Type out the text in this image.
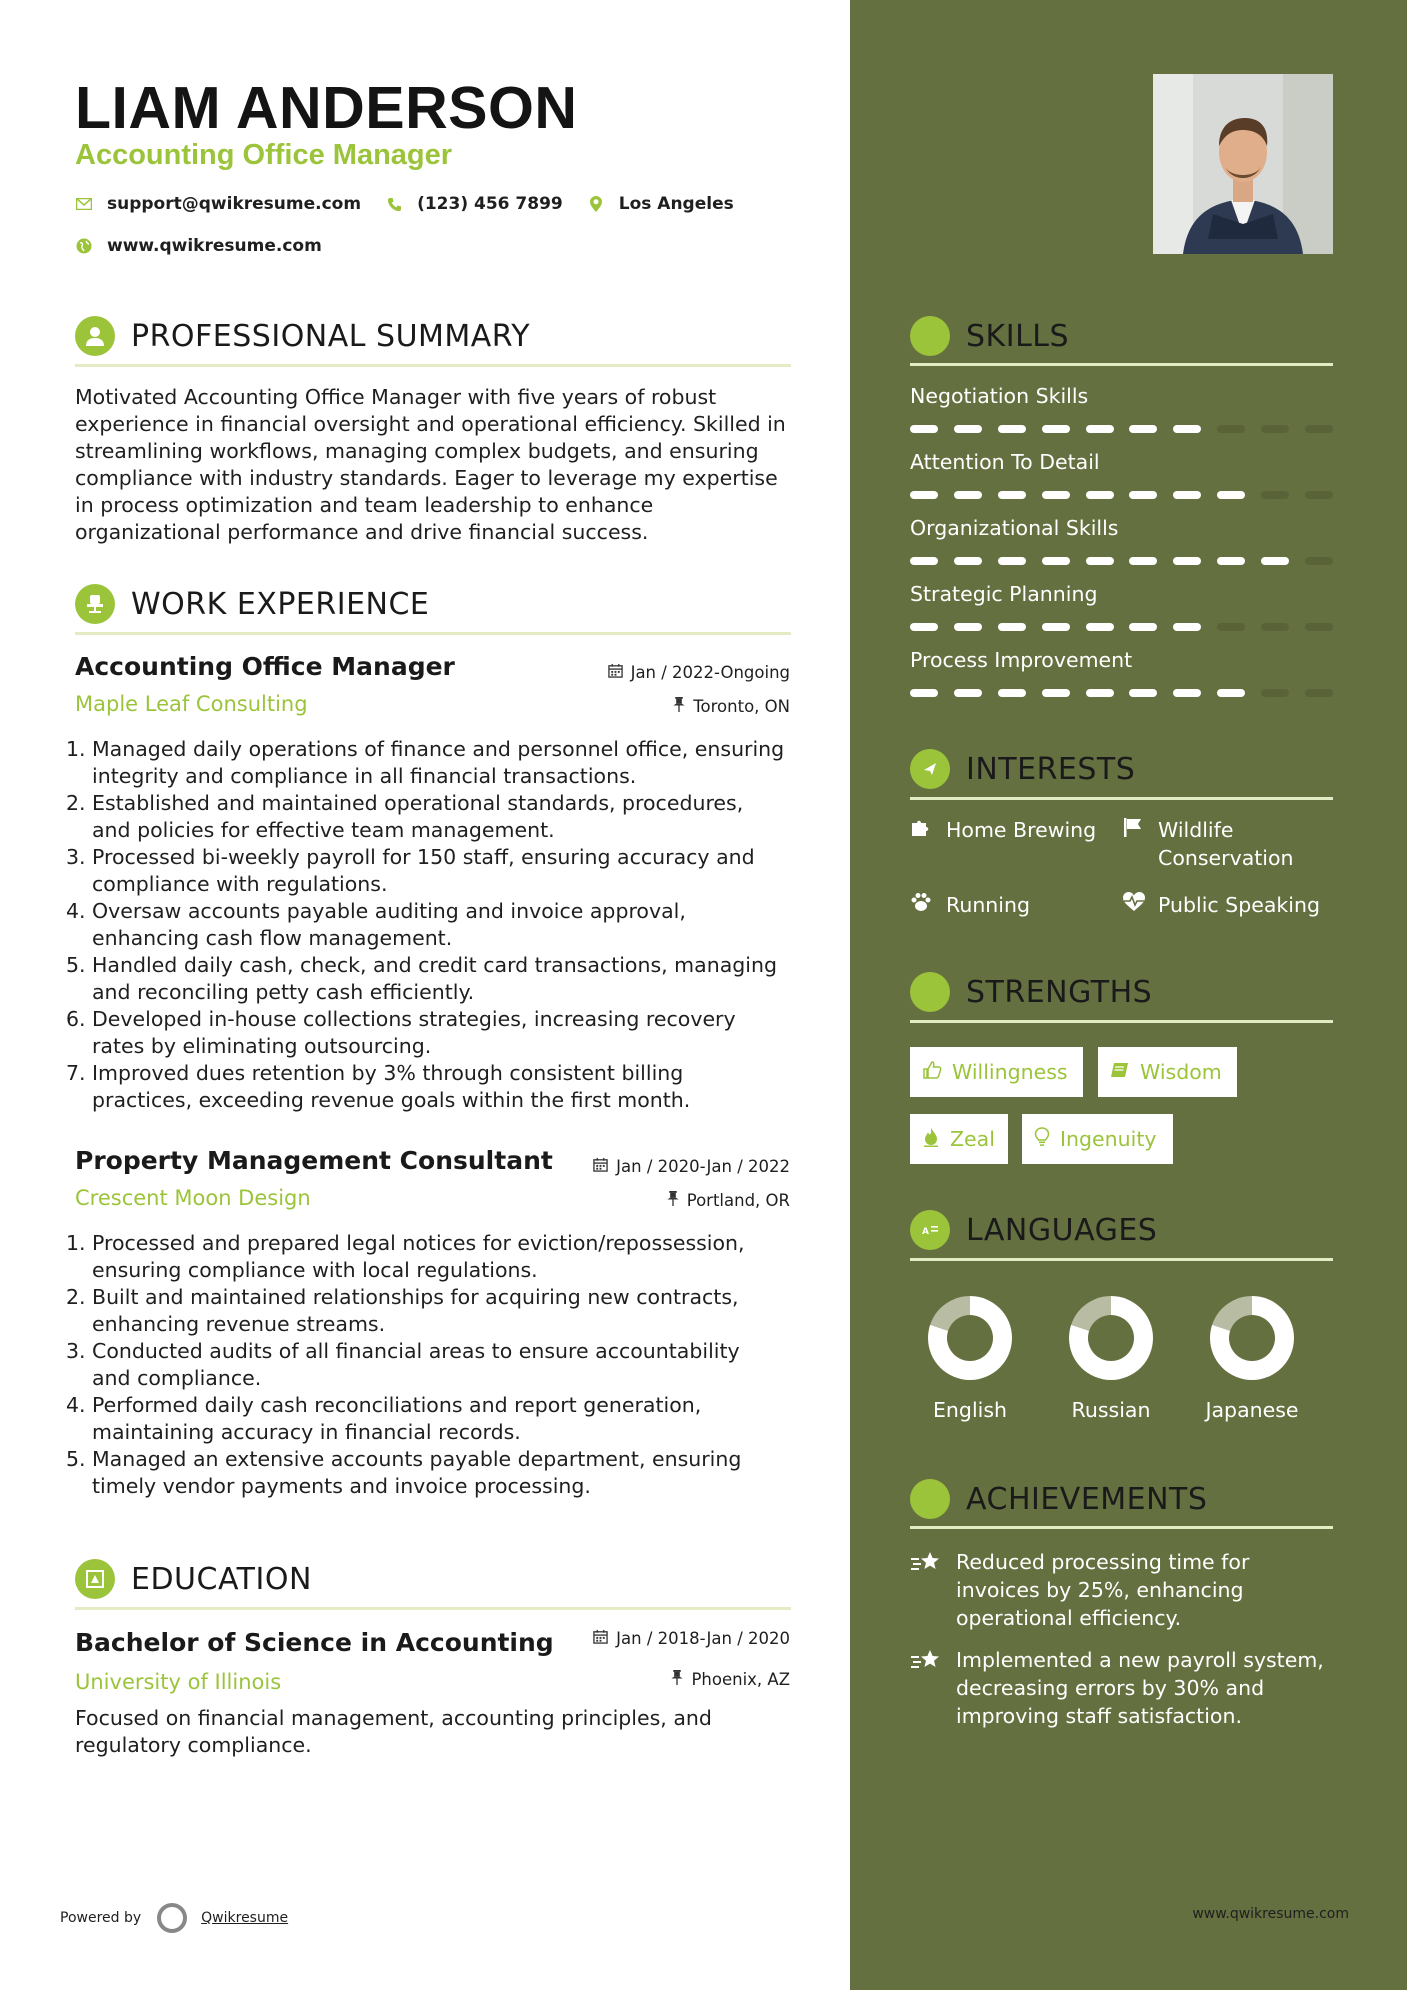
LIAM ANDERSON
Accounting Office Manager
support@qwikresume.com	(123) 456 7899	Los Angeles
www.qwikresume.com
PROFESSIONAL SUMMARY
Motivated Accounting Office Manager with five years of robust
experience in financial oversight and operational efficiency. Skilled in
streamlining workflows, managing complex budgets, and ensuring
compliance with industry standards. Eager to leverage my expertise
in process optimization and team leadership to enhance
organizational performance and drive financial success.
WORK EXPERIENCE
Accounting Office Manager	Jan / 2022-Ongoing
Maple Leaf Consulting	Toronto, ON
1. Managed daily operations of finance and personnel office, ensuring
integrity and compliance in all financial transactions.
2. Established and maintained operational standards, procedures,
and policies for effective team management.
3. Processed bi-weekly payroll for 150 staff, ensuring accuracy and
compliance with regulations.
4. Oversaw accounts payable auditing and invoice approval,
enhancing cash flow management.
5. Handled daily cash, check, and credit card transactions, managing
and reconciling petty cash efficiently.
6. Developed in-house collections strategies, increasing recovery
rates by eliminating outsourcing.
7. Improved dues retention by 3% through consistent billing
practices, exceeding revenue goals within the first month.
Property Management Consultant	Jan / 2020-Jan / 2022
Crescent Moon Design	Portland, OR
1. Processed and prepared legal notices for eviction/repossession,
ensuring compliance with local regulations.
2. Built and maintained relationships for acquiring new contracts,
enhancing revenue streams.
3. Conducted audits of all financial areas to ensure accountability
and compliance.
4. Performed daily cash reconciliations and report generation,
maintaining accuracy in financial records.
5. Managed an extensive accounts payable department, ensuring
timely vendor payments and invoice processing.
EDUCATION
Bachelor of Science in Accounting	Jan / 2018-Jan / 2020
University of Illinois	Phoenix, AZ
Focused on financial management, accounting principles, and
regulatory compliance.
Powered by	Qwikresume
SKILLS
Negotiation Skills
Attention To Detail
Organizational Skills
Strategic Planning
Process Improvement
INTERESTS
Home Brewing	Wildlife
Conservation
Running	Public Speaking
STRENGTHS
Willingness	Wisdom
Zeal	Ingenuity
A LANGUAGES
English	Russian	Japanese
ACHIEVEMENTS
Reduced processing time for
invoices by 25%, enhancing
operational efficiency.
Implemented a new payroll system,
decreasing errors by 30% and
improving staff satisfaction.
www.qwikresume.com
